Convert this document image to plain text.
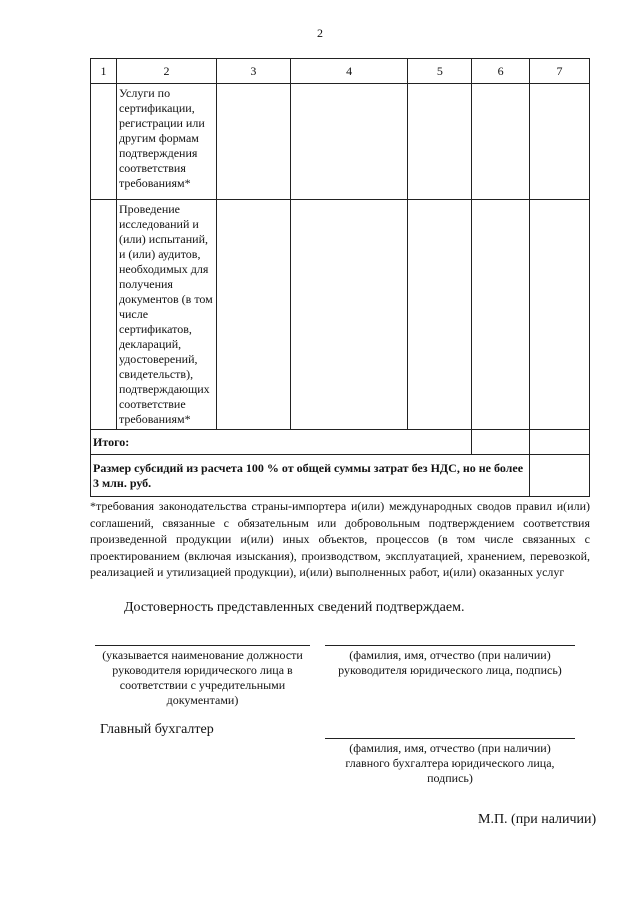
2
1	2	3	4	5	6	7
	Услуги по сертификации, регистрации или другим формам подтверждения соответствия требованиям*					
	Проведение исследований и (или) испытаний, и (или) аудитов, необходимых для получения документов (в том числе сертификатов, деклараций, удостоверений, свидетельств), подтверждающих соответствие требованиям*					
Итого:						
Размер субсидий из расчета 100 % от общей суммы затрат без НДС, но не более 3 млн. руб.						
*требования законодательства страны-импортера и(или) международных сводов правил и(или) соглашений, связанные с обязательным или добровольным подтверждением соответствия произведенной продукции и(или) иных объектов, процессов (в том числе связанных с проектированием (включая изыскания), производством, эксплуатацией, хранением, перевозкой, реализацией и утилизацией продукции), и(или) выполненных работ, и(или) оказанных услуг
Достоверность представленных сведений подтверждаем.
(указывается наименование должности руководителя юридического лица в соответствии с учредительными документами)
(фамилия, имя, отчество (при наличии) руководителя юридического лица, подпись)
Главный бухгалтер
(фамилия, имя, отчество (при наличии) главного бухгалтера юридического лица, подпись)
М.П. (при наличии)
